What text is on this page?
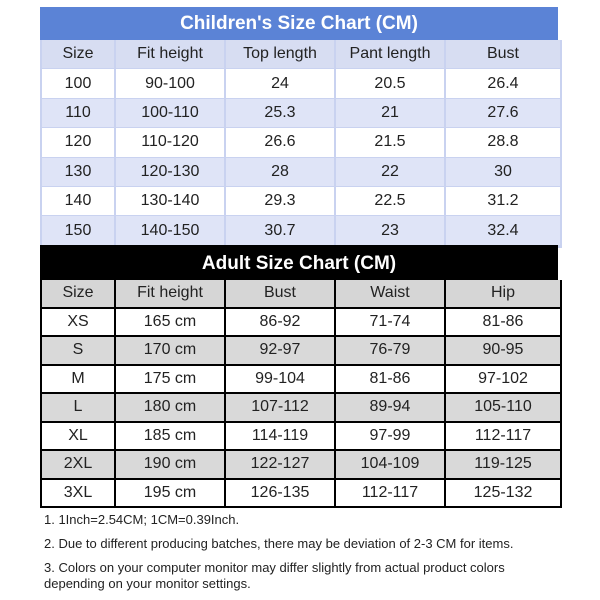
Children's Size Chart (CM)
Size	Fit height	Top length	Pant length	Bust
100	90-100	24	20.5	26.4
110	100-110	25.3	21	27.6
120	110-120	26.6	21.5	28.8
130	120-130	28	22	30
140	130-140	29.3	22.5	31.2
150	140-150	30.7	23	32.4
Adult Size Chart (CM)
Size	Fit height	Bust	Waist	Hip
XS	165 cm	86-92	71-74	81-86
S	170 cm	92-97	76-79	90-95
M	175 cm	99-104	81-86	97-102
L	180 cm	107-112	89-94	105-110
XL	185 cm	114-119	97-99	112-117
2XL	190 cm	122-127	104-109	119-125
3XL	195 cm	126-135	112-117	125-132

1. 1Inch=2.54CM; 1CM=0.39Inch.

2. Due to different producing batches, there may be deviation of 2-3 CM for items.

3. Colors on your computer monitor may differ slightly from actual product colors depending on your monitor settings.
